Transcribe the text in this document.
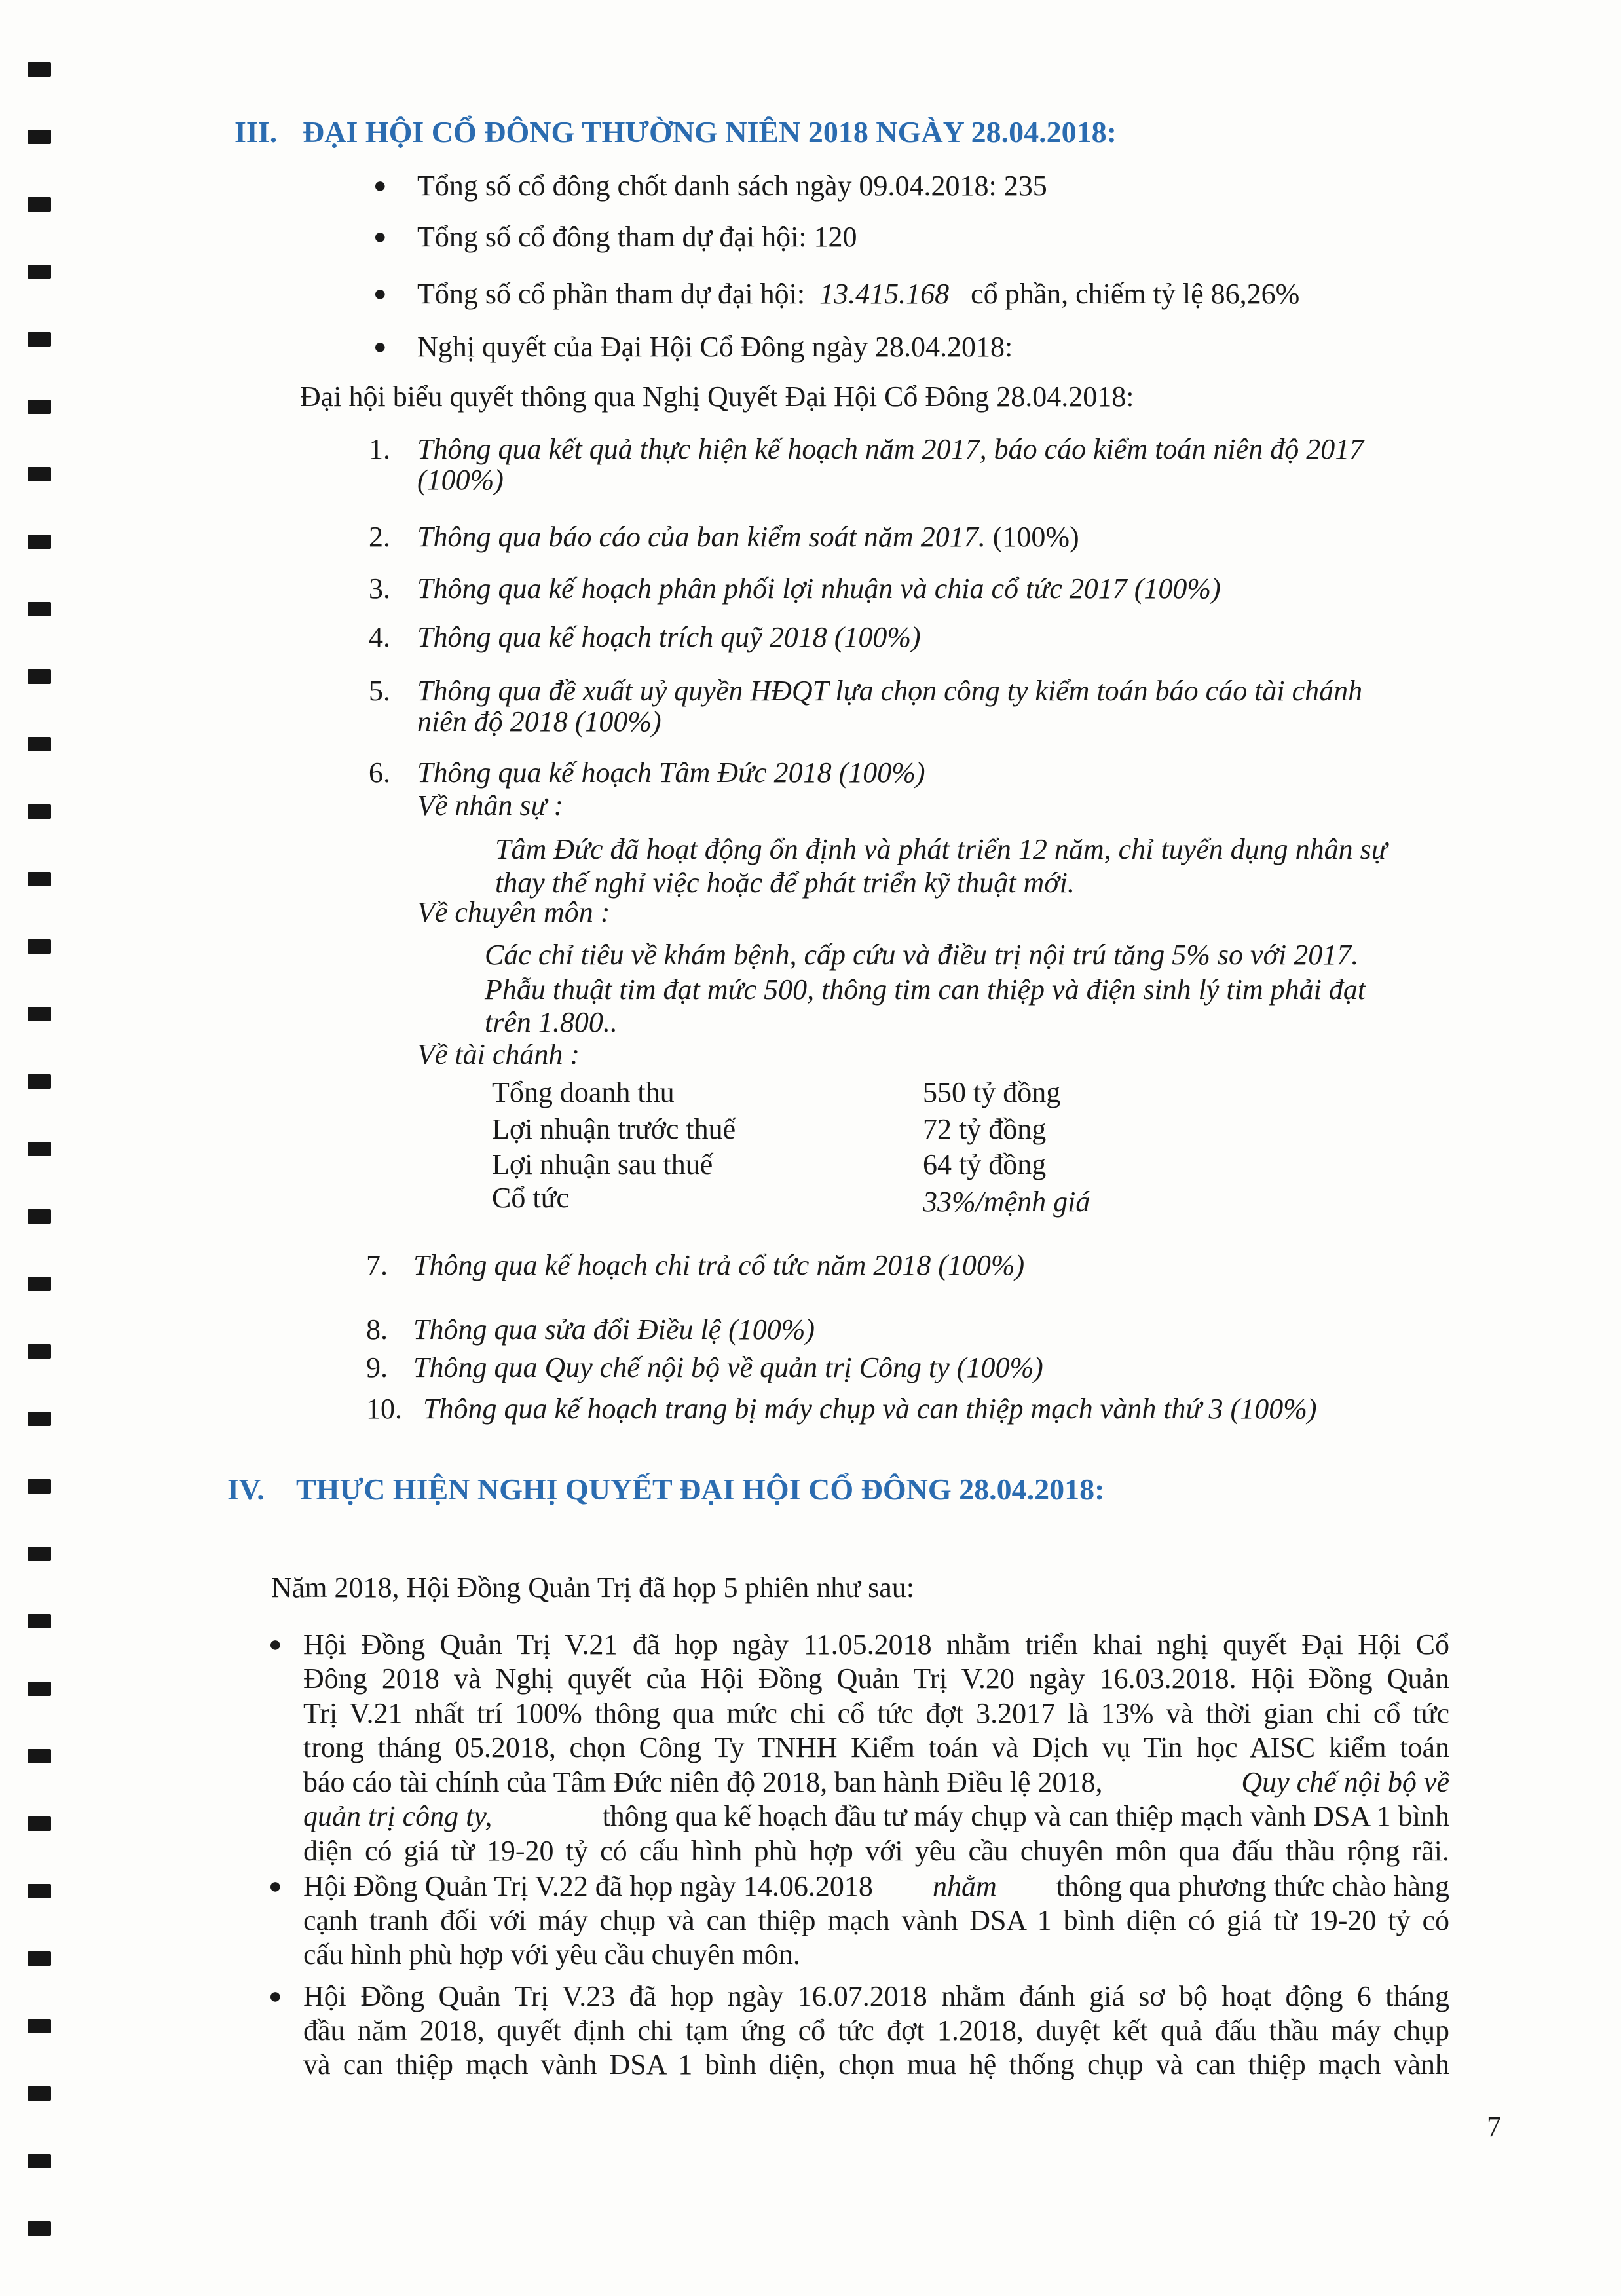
III. ĐẠI HỘI CỔ ĐÔNG THƯỜNG NIÊN 2018 NGÀY 28.04.2018:
● Tổng số cổ đông chốt danh sách ngày 09.04.2018: 235
● Tổng số cổ đông tham dự đại hội: 120
● Tổng số cổ phần tham dự đại hội: 13.415.168 cổ phần, chiếm tỷ lệ 86,26%
● Nghị quyết của Đại Hội Cổ Đông ngày 28.04.2018:
Đại hội biểu quyết thông qua Nghị Quyết Đại Hội Cổ Đông 28.04.2018:
1. Thông qua kết quả thực hiện kế hoạch năm 2017, báo cáo kiểm toán niên độ 2017
(100%)
2. Thông qua báo cáo của ban kiểm soát năm 2017. (100%)
3. Thông qua kế hoạch phân phối lợi nhuận và chia cổ tức 2017 (100%)
4. Thông qua kế hoạch trích quỹ 2018 (100%)
5. Thông qua đề xuất uỷ quyền HĐQT lựa chọn công ty kiểm toán báo cáo tài chánh
niên độ 2018 (100%)
6. Thông qua kế hoạch Tâm Đức 2018 (100%)
Về nhân sự :
Tâm Đức đã hoạt động ổn định và phát triển 12 năm, chỉ tuyển dụng nhân sự
thay thế nghỉ việc hoặc để phát triển kỹ thuật mới.
Về chuyên môn :
Các chỉ tiêu về khám bệnh, cấp cứu và điều trị nội trú tăng 5% so với 2017.
Phẫu thuật tim đạt mức 500, thông tim can thiệp và điện sinh lý tim phải đạt
trên 1.800..
Về tài chánh :
Tổng doanh thu	550 tỷ đồng
Lợi nhuận trước thuế	72 tỷ đồng
Lợi nhuận sau thuế	64 tỷ đồng
Cổ tức	33%/mệnh giá
7. Thông qua kế hoạch chi trả cổ tức năm 2018 (100%)
8. Thông qua sửa đổi Điều lệ (100%)
9. Thông qua Quy chế nội bộ về quản trị Công ty (100%)
10. Thông qua kế hoạch trang bị máy chụp và can thiệp mạch vành thứ 3 (100%)
IV. THỰC HIỆN NGHỊ QUYẾT ĐẠI HỘI CỔ ĐÔNG 28.04.2018:
Năm 2018, Hội Đồng Quản Trị đã họp 5 phiên như sau:
● Hội Đồng Quản Trị V.21 đã họp ngày 11.05.2018 nhằm triển khai nghị quyết Đại Hội Cổ
Đông 2018 và Nghị quyết của Hội Đồng Quản Trị V.20 ngày 16.03.2018. Hội Đồng Quản
Trị V.21 nhất trí 100% thông qua mức chi cổ tức đợt 3.2017 là 13% và thời gian chi cổ tức
trong tháng 05.2018, chọn Công Ty TNHH Kiểm toán và Dịch vụ Tin học AISC kiểm toán
báo cáo tài chính của Tâm Đức niên độ 2018, ban hành Điều lệ 2018,	Quy chế nội bộ về
quản trị công ty,	thông qua kế hoạch đầu tư máy chụp và can thiệp mạch vành DSA 1 bình
diện có giá từ 19-20 tỷ có cấu hình phù hợp với yêu cầu chuyên môn qua đấu thầu rộng rãi.
● Hội Đồng Quản Trị V.22 đã họp ngày 14.06.2018 nhằm thông qua phương thức chào hàng
cạnh tranh đối với máy chụp và can thiệp mạch vành DSA 1 bình diện có giá từ 19-20 tỷ có
cấu hình phù hợp với yêu cầu chuyên môn.
● Hội Đồng Quản Trị V.23 đã họp ngày 16.07.2018 nhằm đánh giá sơ bộ hoạt động 6 tháng
đầu năm 2018, quyết định chi tạm ứng cổ tức đợt 1.2018, duyệt kết quả đấu thầu máy chụp
và can thiệp mạch vành DSA 1 bình diện, chọn mua hệ thống chụp và can thiệp mạch vành
7
